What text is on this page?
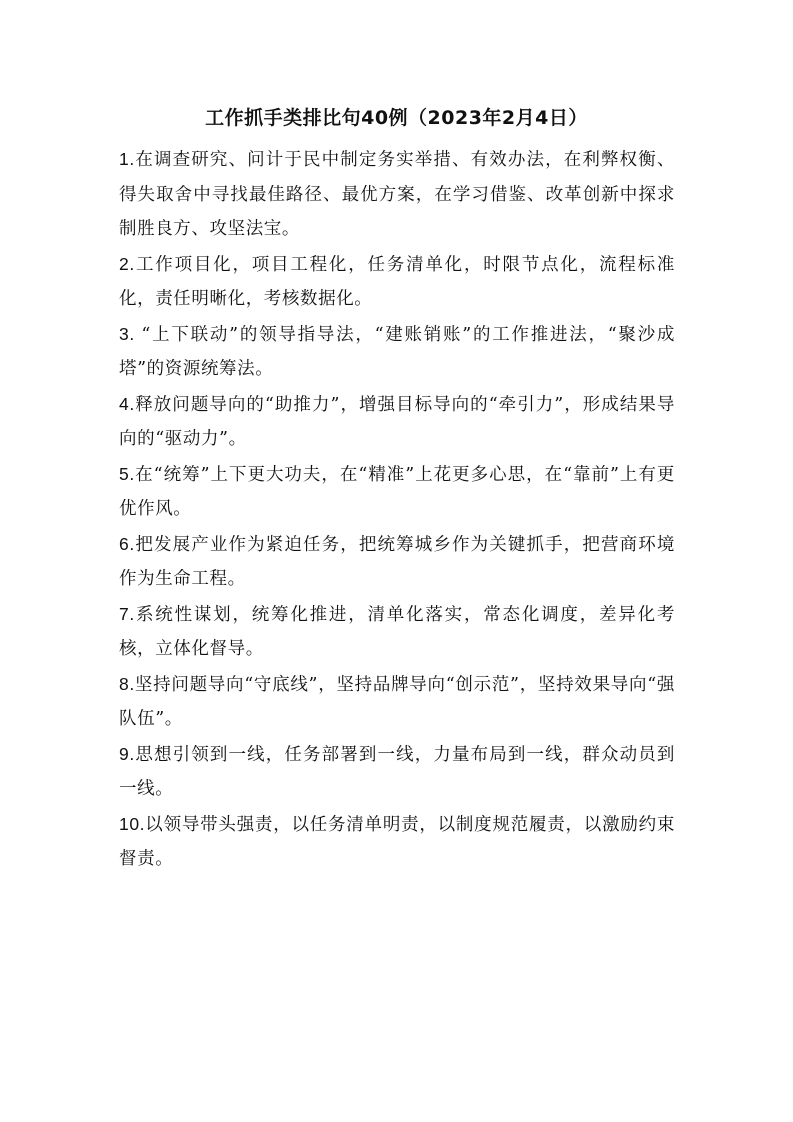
工作抓手类排比句40例（2023年2月4日）

1.在调查研究、问计于民中制定务实举措、有效办法，在利弊权衡、得失取舍中寻找最佳路径、最优方案，在学习借鉴、改革创新中探求制胜良方、攻坚法宝。

2.工作项目化，项目工程化，任务清单化，时限节点化，流程标准化，责任明晰化，考核数据化。

3. “上下联动”的领导指导法，“建账销账”的工作推进法，“聚沙成塔”的资源统筹法。

4.释放问题导向的“助推力”，增强目标导向的“牵引力”，形成结果导向的“驱动力”。

5.在“统筹”上下更大功夫，在“精准”上花更多心思，在“靠前”上有更优作风。

6.把发展产业作为紧迫任务，把统筹城乡作为关键抓手，把营商环境作为生命工程。

7.系统性谋划，统筹化推进，清单化落实，常态化调度，差异化考核，立体化督导。

8.坚持问题导向“守底线”，坚持品牌导向“创示范”，坚持效果导向“强队伍”。

9.思想引领到一线，任务部署到一线，力量布局到一线，群众动员到一线。

10.以领导带头强责，以任务清单明责，以制度规范履责，以激励约束督责。
